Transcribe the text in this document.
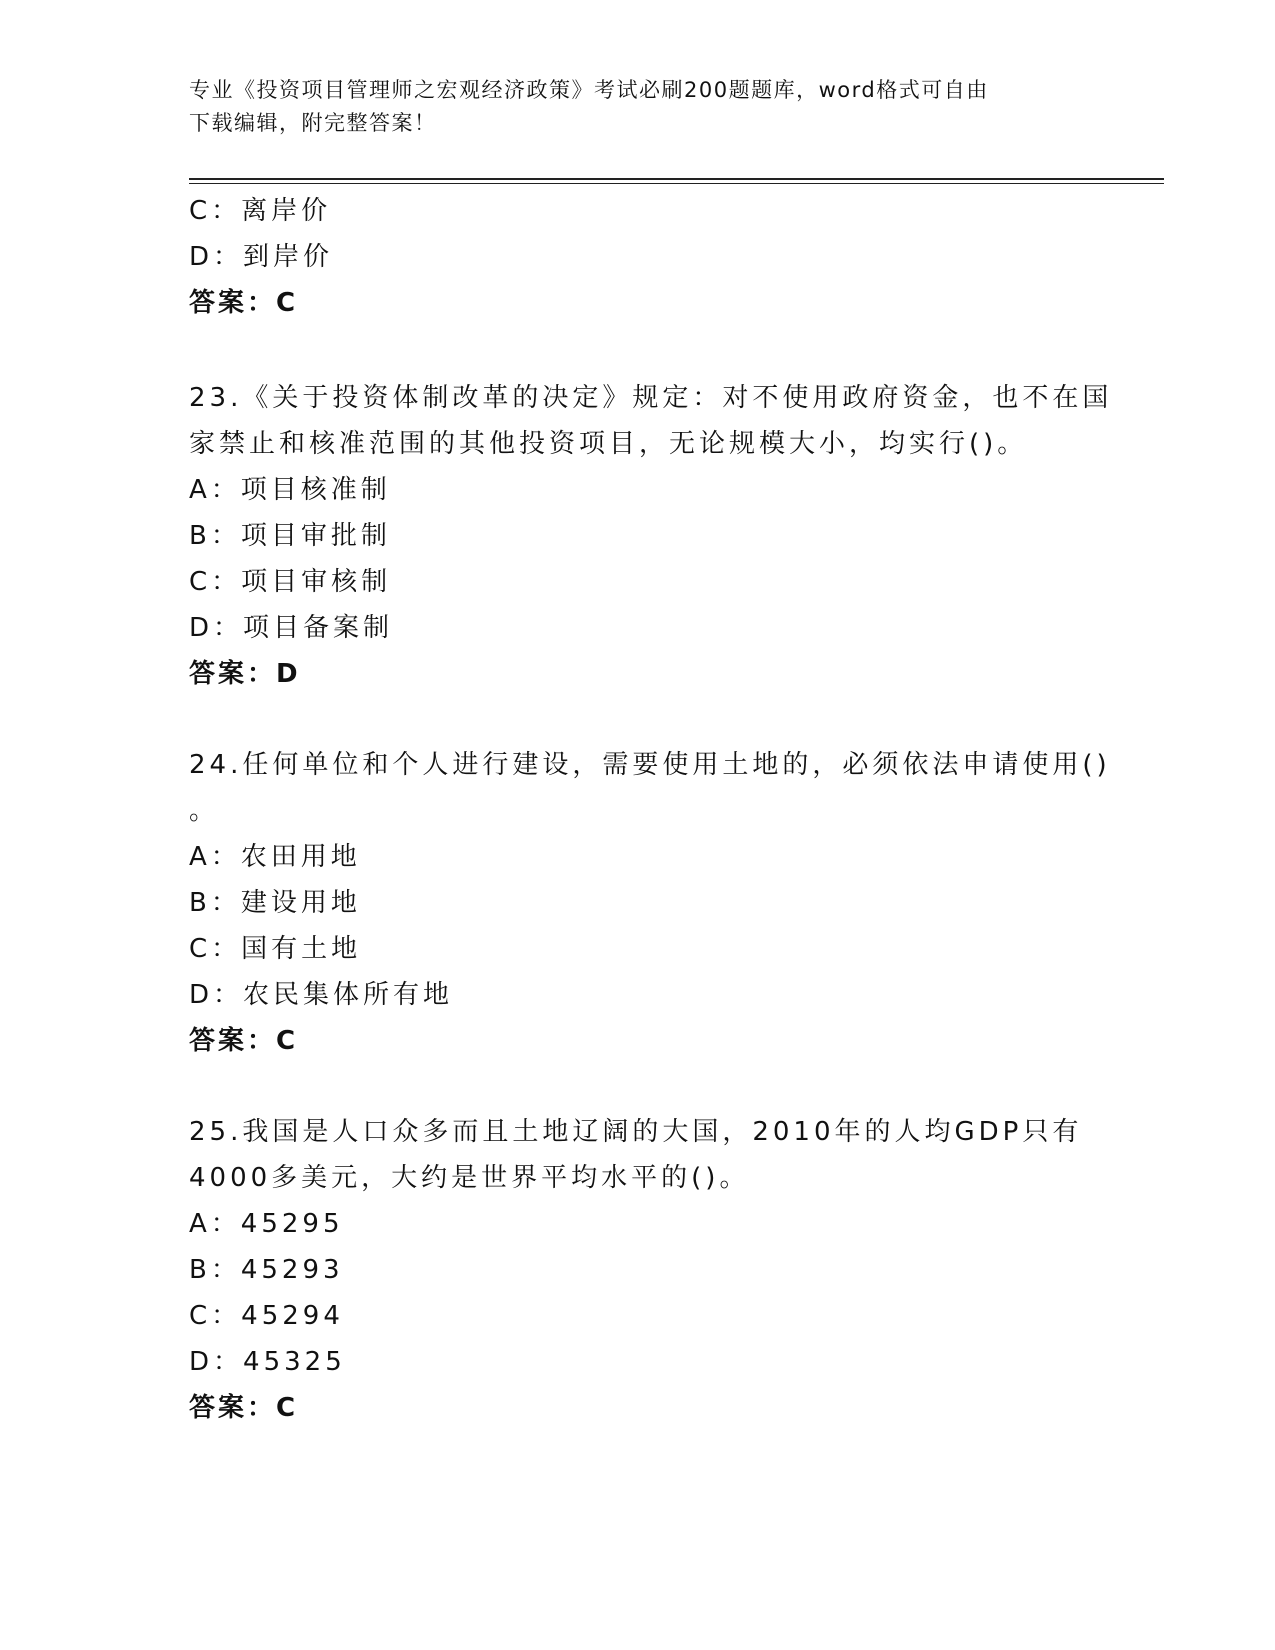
专业《投资项目管理师之宏观经济政策》考试必刷200题题库，word格式可自由
下载编辑，附完整答案！
C：离岸价
D：到岸价
答案：C
23.《关于投资体制改革的决定》规定：对不使用政府资金，也不在国
家禁止和核准范围的其他投资项目，无论规模大小，均实行()。
A：项目核准制
B：项目审批制
C：项目审核制
D：项目备案制
答案：D
24.任何单位和个人进行建设，需要使用土地的，必须依法申请使用()
。
A：农田用地
B：建设用地
C：国有土地
D：农民集体所有地
答案：C
25.我国是人口众多而且土地辽阔的大国，2010年的人均GDP只有
4000多美元，大约是世界平均水平的()。
A：45295
B：45293
C：45294
D：45325
答案：C
